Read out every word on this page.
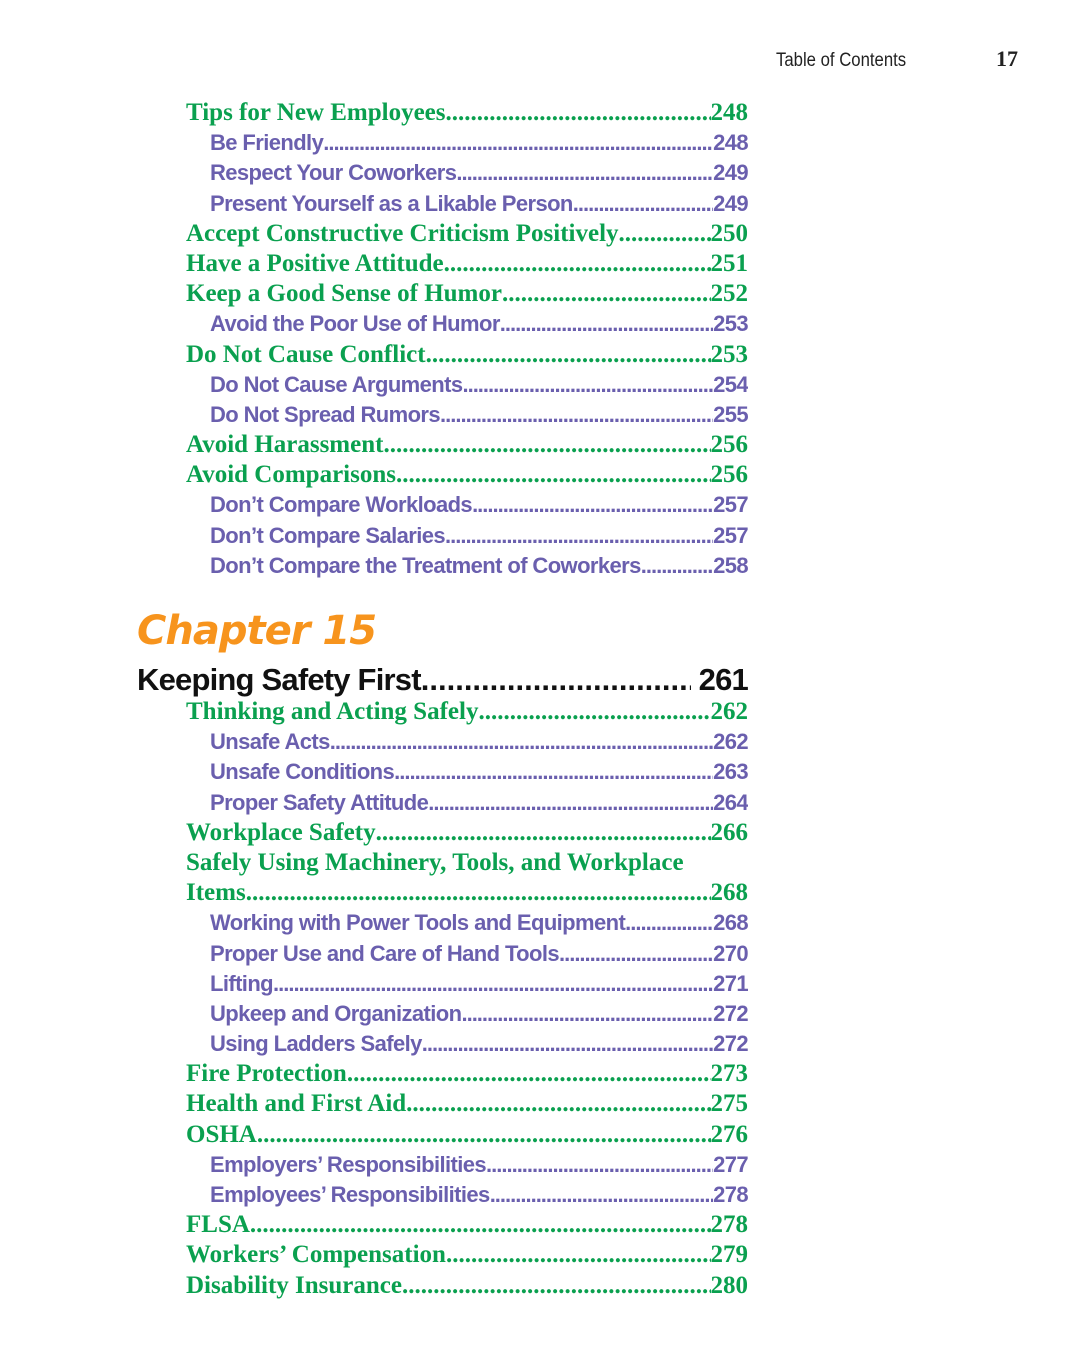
Table of Contents	17
Tips for New Employees .....	248
Be Friendly .....	248
Respect Your Coworkers .....	249
Present Yourself as a Likable Person .....	249
Accept Constructive Criticism Positively .....	250
Have a Positive Attitude .....	251
Keep a Good Sense of Humor .....	252
Avoid the Poor Use of Humor .....	253
Do Not Cause Conflict .....	253
Do Not Cause Arguments .....	254
Do Not Spread Rumors .....	255
Avoid Harassment .....	256
Avoid Comparisons .....	256
Don’t Compare Workloads .....	257
Don’t Compare Salaries .....	257
Don’t Compare the Treatment of Coworkers .....	258
Chapter 15
Keeping Safety First .....	261
Thinking and Acting Safely .....	262
Unsafe Acts .....	262
Unsafe Conditions .....	263
Proper Safety Attitude .....	264
Workplace Safety .....	266
Safely Using Machinery, Tools, and Workplace
Items .....	268
Working with Power Tools and Equipment .....	268
Proper Use and Care of Hand Tools .....	270
Lifting .....	271
Upkeep and Organization .....	272
Using Ladders Safely .....	272
Fire Protection .....	273
Health and First Aid .....	275
OSHA .....	276
Employers’ Responsibilities .....	277
Employees’ Responsibilities .....	278
FLSA .....	278
Workers’ Compensation .....	279
Disability Insurance .....	280
